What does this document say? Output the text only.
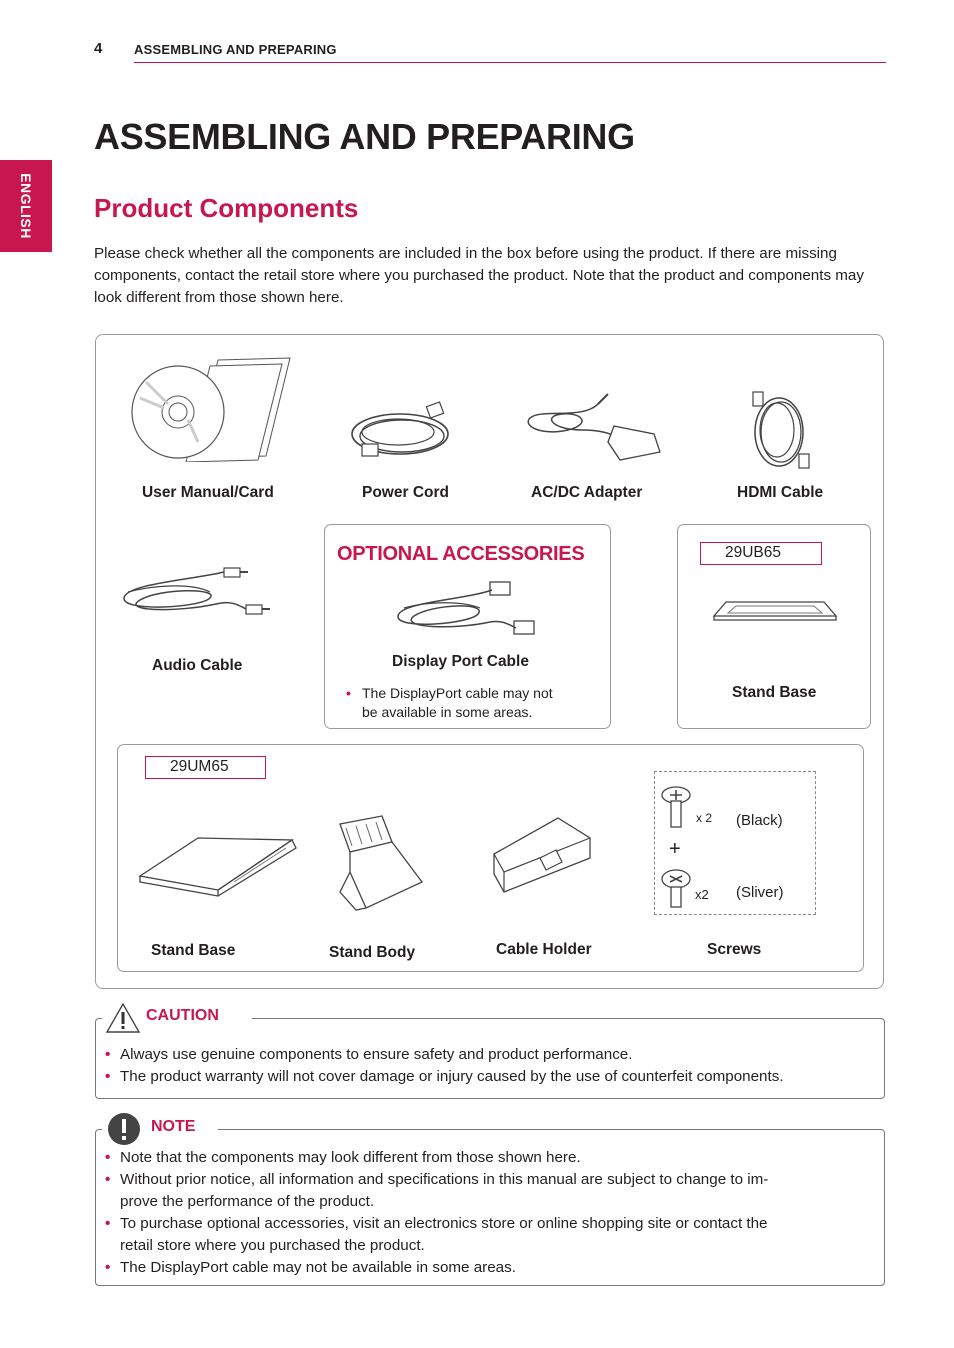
4 ASSEMBLING AND PREPARING
ENGLISH
ASSEMBLING AND PREPARING
Product Components
Please check whether all the components are included in the box before using the product. If there are missing components, contact the retail store where you purchased the product. Note that the product and components may look different from those shown here.
User Manual/Card	Power Cord	AC/DC Adapter	HDMI Cable
Audio Cable
OPTIONAL ACCESSORIES
Display Port Cable
• The DisplayPort cable may not
be available in some areas.
29UB65
Stand Base
29UM65
Stand Base	Stand Body	Cable Holder
x 2 (Black)
+
x2 (Sliver)
Screws
CAUTION
• Always use genuine components to ensure safety and product performance.
• The product warranty will not cover damage or injury caused by the use of counterfeit components.
NOTE
• Note that the components may look different from those shown here.
• Without prior notice, all information and specifications in this manual are subject to change to im-
prove the performance of the product.
• To purchase optional accessories, visit an electronics store or online shopping site or contact the
retail store where you purchased the product.
• The DisplayPort cable may not be available in some areas.
